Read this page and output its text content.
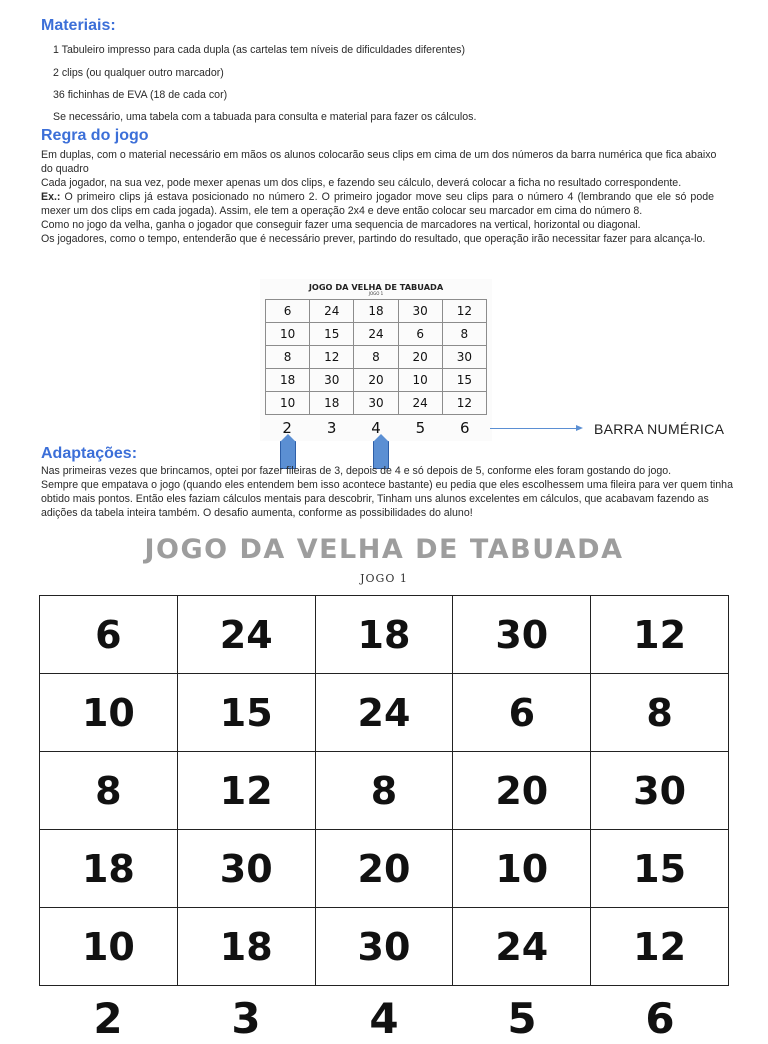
Materiais:
1 Tabuleiro impresso para cada dupla (as cartelas tem níveis de dificuldades diferentes)
2 clips (ou qualquer outro marcador)
36 fichinhas de EVA (18 de cada cor)
Se necessário, uma tabela com a tabuada para consulta e material para fazer os cálculos.
Regra do jogo
Em duplas, com o material necessário em mãos os alunos colocarão seus clips em cima de um dos números da barra numérica que fica abaixo do quadro
Cada jogador, na sua vez, pode mexer apenas um dos clips, e fazendo seu cálculo, deverá colocar a ficha no resultado correspondente.
Ex.: O primeiro clips já estava posicionado no número 2. O primeiro jogador move seu clips para o número 4 (lembrando que ele só pode mexer um dos clips em cada jogada). Assim, ele tem a operação 2x4 e deve então colocar seu marcador em cima do número 8.
Como no jogo da velha, ganha o jogador que conseguir fazer uma sequencia de marcadores na vertical, horizontal ou diagonal.
Os jogadores, como o tempo, entenderão que é necessário prever, partindo do resultado, que operação irão necessitar fazer para alcança-lo.
JOGO DA VELHA DE TABUADA
JOGO 1
6	24	18	30	12
10	15	24	6	8
8	12	8	20	30
18	30	20	10	15
10	18	30	24	12
2	3	4	5	6	BARRA NUMÉRICA
Adaptações:
Nas primeiras vezes que brincamos, optei por fazer fileiras de 3, depois de 4 e só depois de 5, conforme eles foram gostando do jogo.
Sempre que empatava o jogo (quando eles entendem bem isso acontece bastante) eu pedia que eles escolhessem uma fileira para ver quem tinha obtido mais pontos. Então eles faziam cálculos mentais para descobrir, Tinham uns alunos excelentes em cálculos, que acabavam fazendo as adições da tabela inteira também. O desafio aumenta, conforme as possibilidades do aluno!
JOGO DA VELHA DE TABUADA
JOGO 1
6	24	18	30	12
10	15	24	6	8
8	12	8	20	30
18	30	20	10	15
10	18	30	24	12
2	3	4	5	6
